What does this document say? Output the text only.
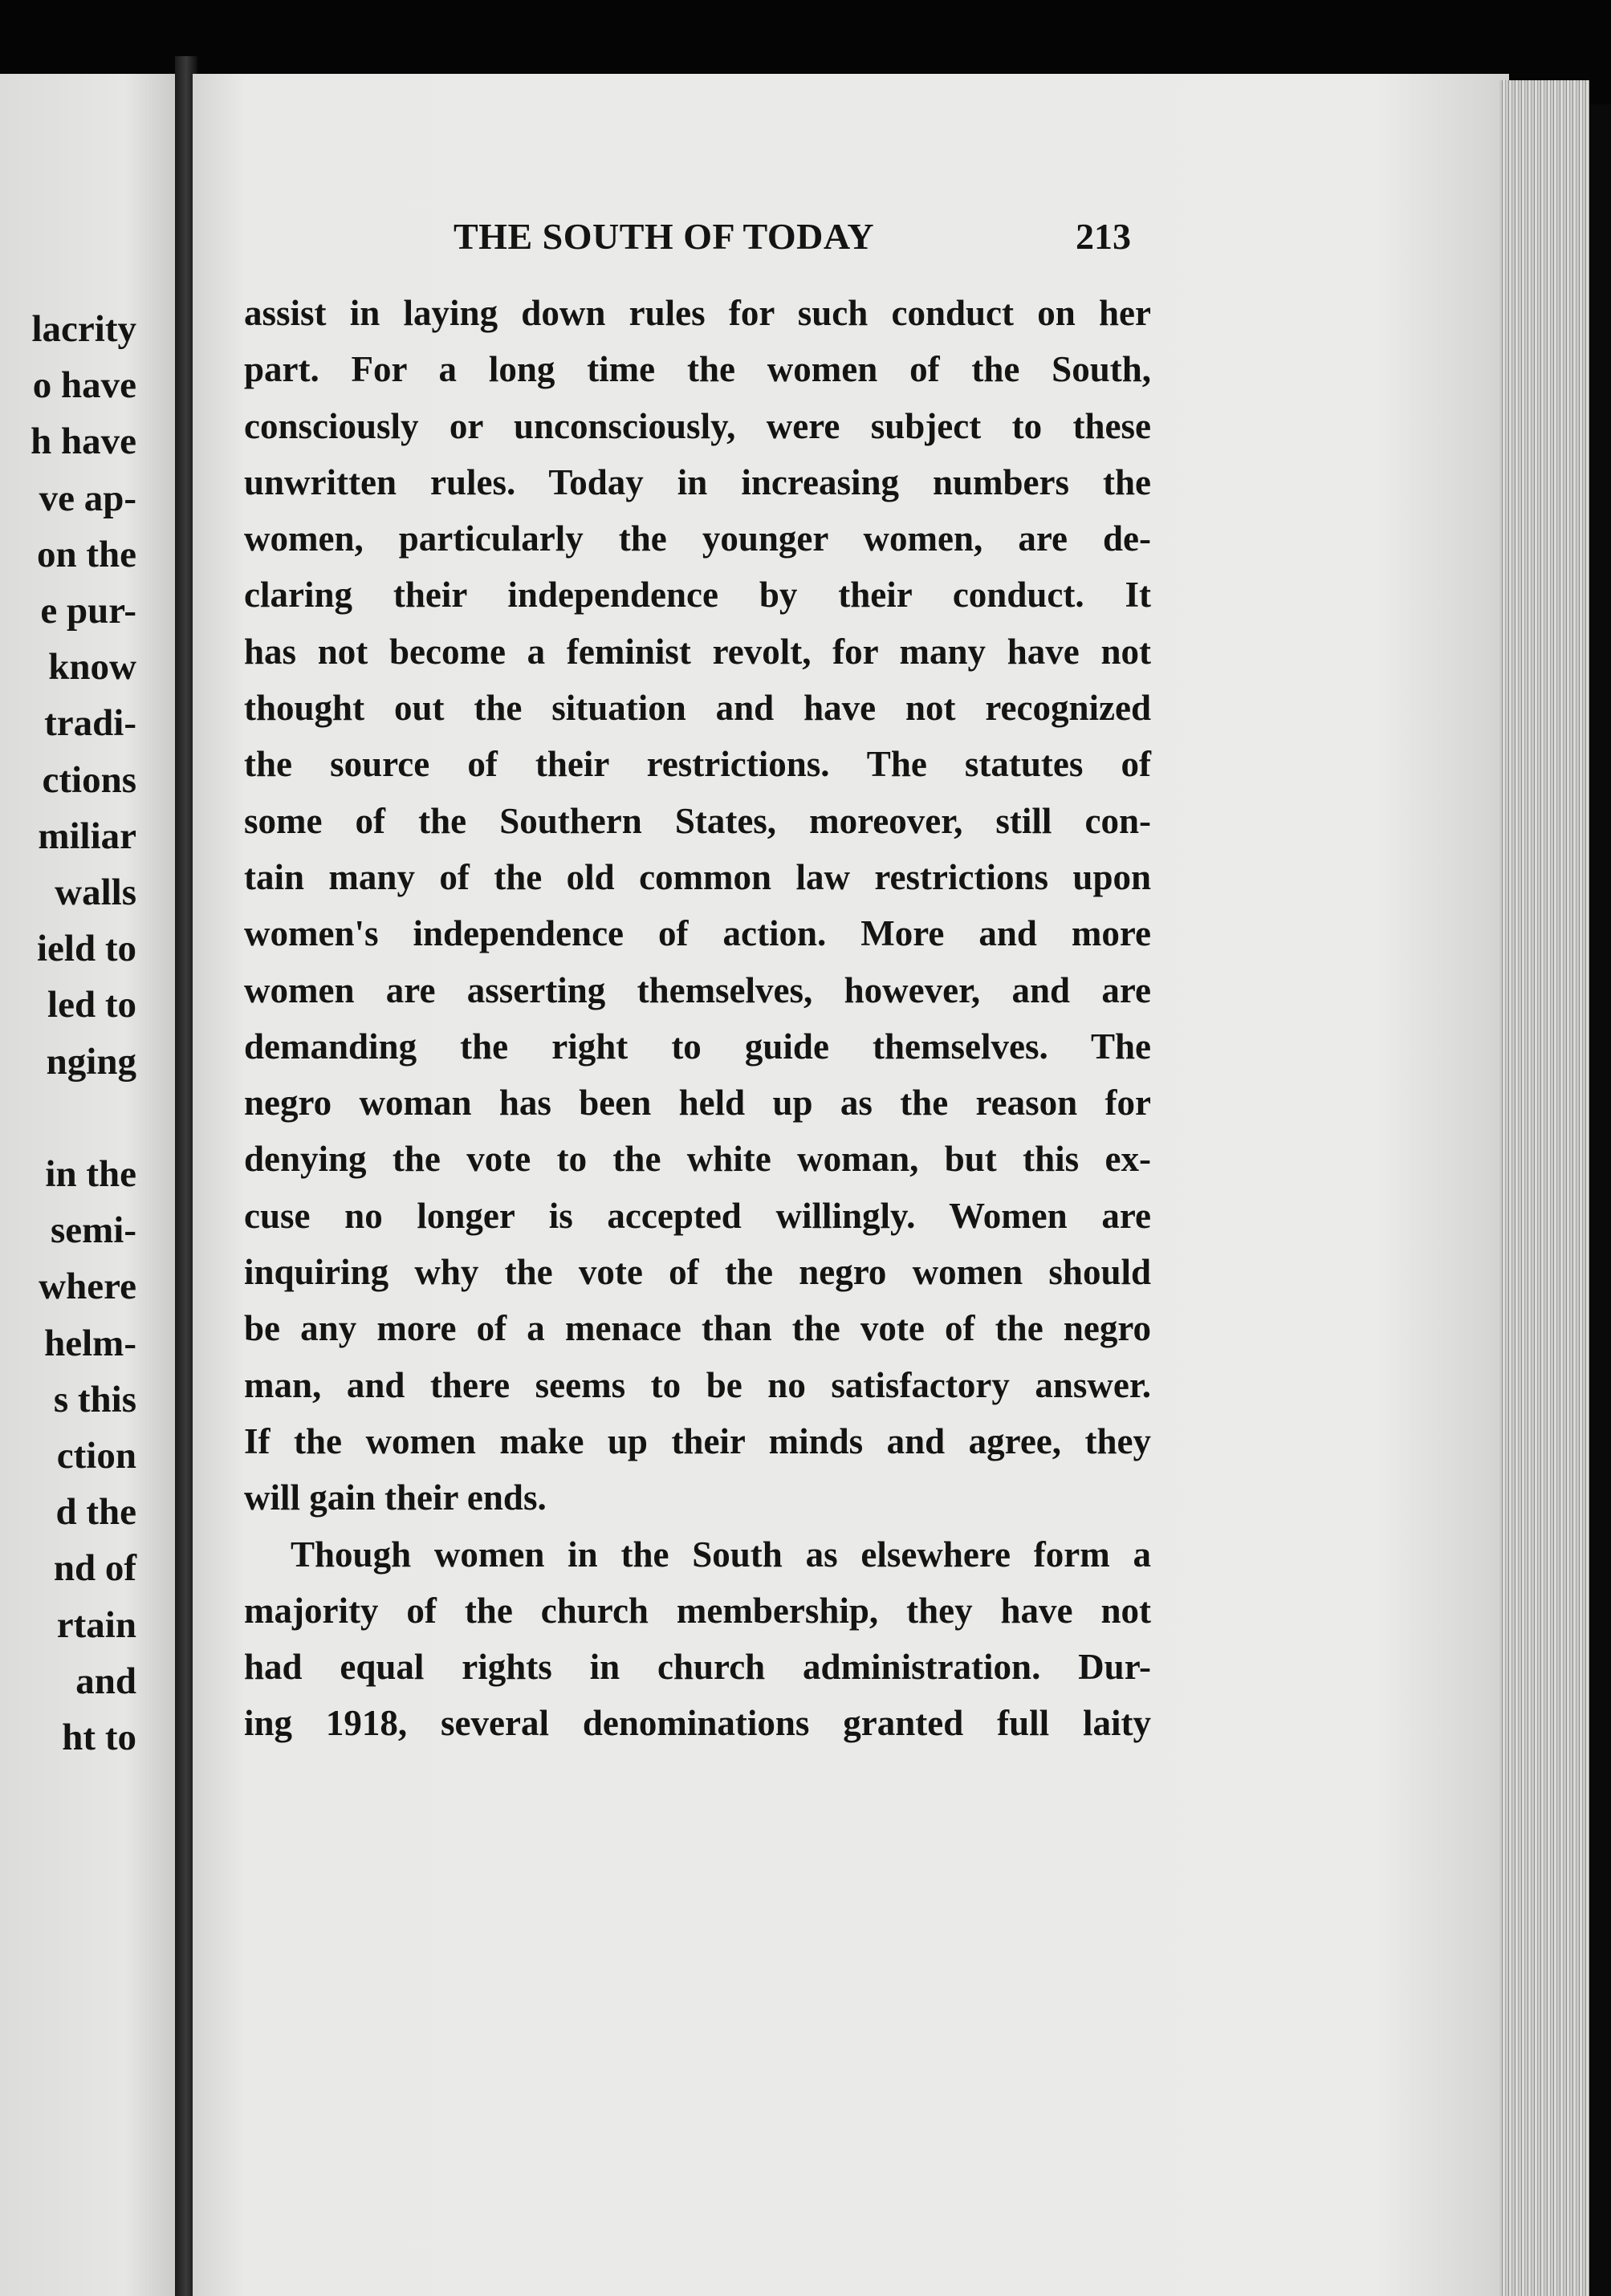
lacrity
o have
h have
ve ap-
on the
e pur-
know
tradi-
ctions
miliar
walls
ield to
led to
nging
in the
semi-
where
helm-
s this
ction
d the
nd of
rtain
and
ht to
THE SOUTH OF TODAY	213
assist in laying down rules for such conduct on her
part. For a long time the women of the South,
consciously or unconsciously, were subject to these
unwritten rules. Today in increasing numbers the
women, particularly the younger women, are de-
claring their independence by their conduct. It
has not become a feminist revolt, for many have not
thought out the situation and have not recognized
the source of their restrictions. The statutes of
some of the Southern States, moreover, still con-
tain many of the old common law restrictions upon
women's independence of action. More and more
women are asserting themselves, however, and are
demanding the right to guide themselves. The
negro woman has been held up as the reason for
denying the vote to the white woman, but this ex-
cuse no longer is accepted willingly. Women are
inquiring why the vote of the negro women should
be any more of a menace than the vote of the negro
man, and there seems to be no satisfactory answer.
If the women make up their minds and agree, they
will gain their ends.
Though women in the South as elsewhere form a
majority of the church membership, they have not
had equal rights in church administration. Dur-
ing 1918, several denominations granted full laity
